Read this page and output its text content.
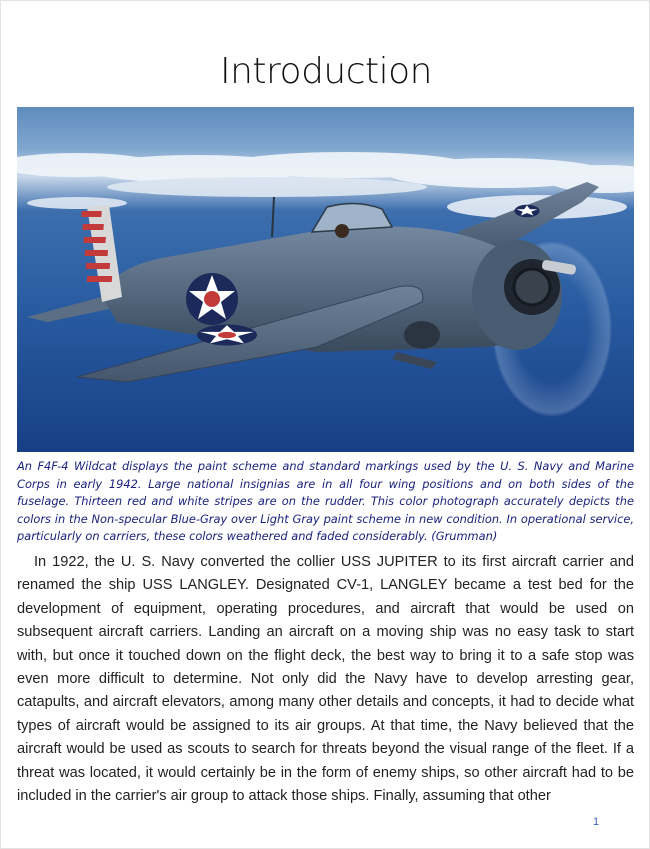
Introduction
An F4F-4 Wildcat displays the paint scheme and standard markings used by the U. S. Navy and Marine Corps in early 1942. Large national insignias are in all four wing positions and on both sides of the fuselage. Thirteen red and white stripes are on the rudder. This color photograph accurately depicts the colors in the Non-specular Blue-Gray over Light Gray paint scheme in new condition. In operational service, particularly on carriers, these colors weathered and faded considerably. (Grumman)
In 1922, the U. S. Navy converted the collier USS JUPITER to its first aircraft carrier and renamed the ship USS LANGLEY. Designated CV-1, LANGLEY became a test bed for the development of equipment, operating procedures, and aircraft that would be used on subsequent aircraft carriers. Landing an aircraft on a moving ship was no easy task to start with, but once it touched down on the flight deck, the best way to bring it to a safe stop was even more difficult to determine. Not only did the Navy have to develop arresting gear, catapults, and aircraft elevators, among many other details and concepts, it had to decide what types of aircraft would be assigned to its air groups. At that time, the Navy believed that the aircraft would be used as scouts to search for threats beyond the visual range of the fleet. If a threat was located, it would certainly be in the form of enemy ships, so other aircraft had to be included in the carrier's air group to attack those ships. Finally, assuming that other
1
